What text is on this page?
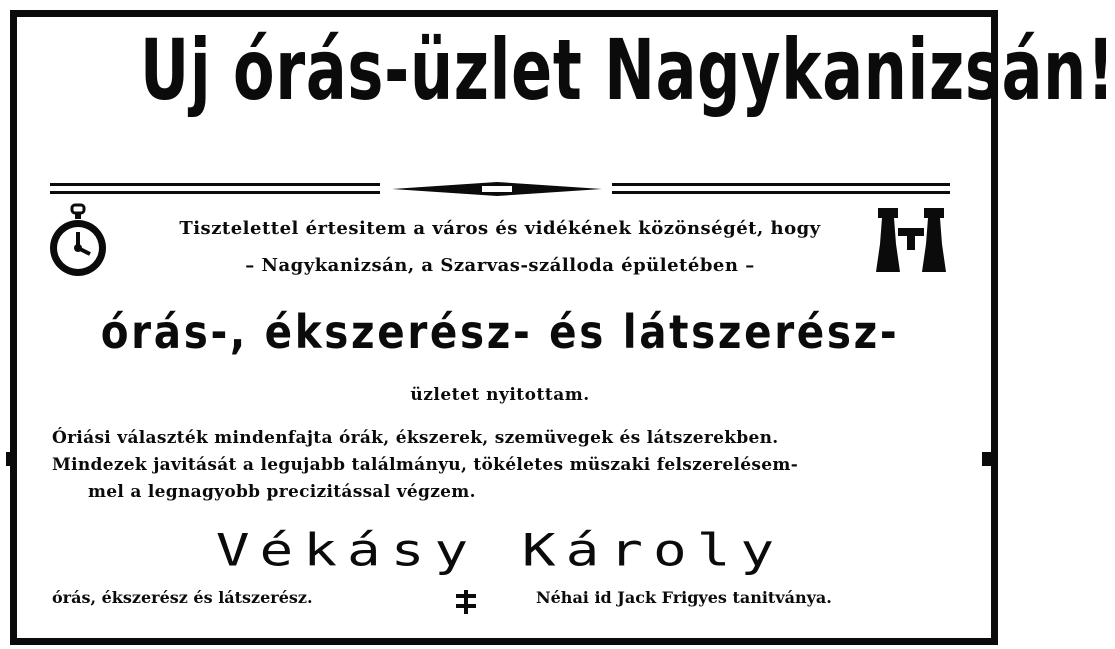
Uj órás-üzlet Nagykanizsán!
Tisztelettel értesitem a város és vidékének közönségét, hogy
– Nagykanizsán, a Szarvas-szálloda épületében –
órás-, ékszerész- és látszerész-
üzletet nyitottam.
Óriási választék mindenfajta órák, ékszerek, szemüvegek és látszerekben.
Mindezek javitását a legujabb találmányu, tökéletes müszaki felszerelésem-
mel a legnagyobb precizitással végzem.
Vékásy Károly
órás, ékszerész és látszerész.	Néhai id Jack Frigyes tanitványa.
